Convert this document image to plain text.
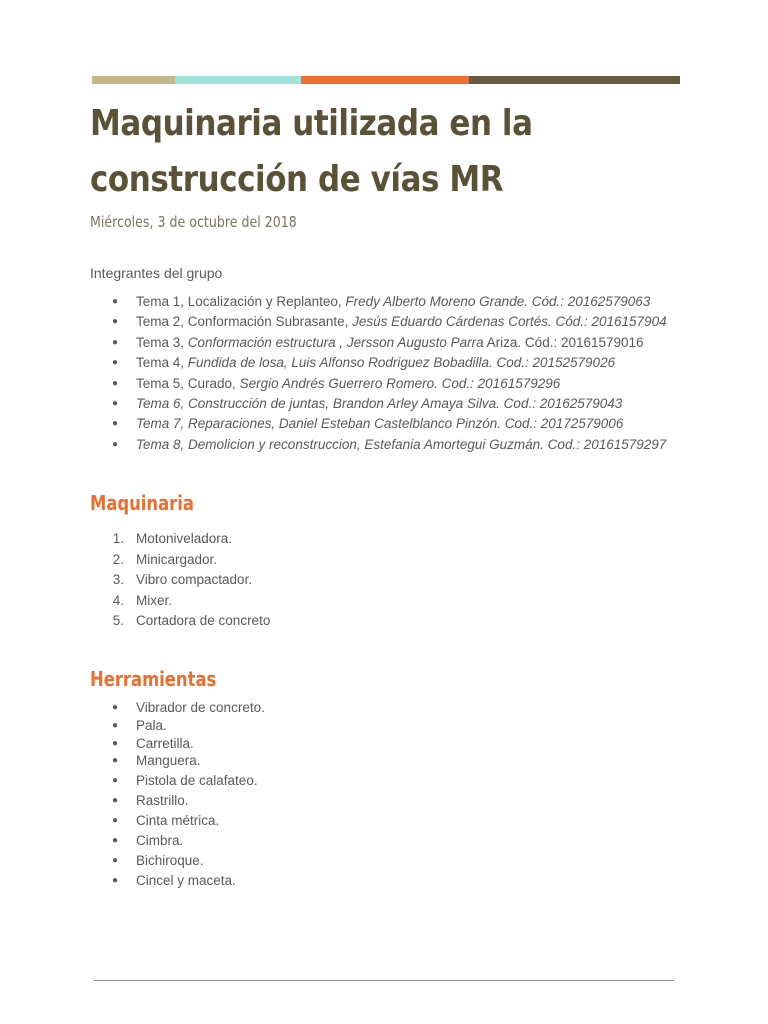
Maquinaria utilizada en la
construcción de vías MR
Miércoles, 3 de octubre del 2018
Integrantes del grupo
● Tema 1, Localización y Replanteo, Fredy Alberto Moreno Grande. Cód.: 20162579063
● Tema 2, Conformación Subrasante, Jesús Eduardo Cárdenas Cortés. Cód.: 2016157904
● Tema 3, Conformación estructura , Jersson Augusto Parra Ariza. Cód.: 20161579016
● Tema 4, Fundida de losa, Luis Alfonso Rodriguez Bobadilla. Cod.: 20152579026
● Tema 5, Curado, Sergio Andrés Guerrero Romero. Cod.: 20161579296
● Tema 6, Construcción de juntas, Brandon Arley Amaya Silva. Cod.: 20162579043
● Tema 7, Reparaciones, Daniel Esteban Castelblanco Pinzón. Cod.: 20172579006
● Tema 8, Demolicion y reconstruccion, Estefania Amortegui Guzmán. Cod.: 20161579297
Maquinaria
1. Motoniveladora.
2. Minicargador.
3. Vibro compactador.
4. Mixer.
5. Cortadora de concreto
Herramientas
● Vibrador de concreto.
● Pala.
● Carretilla.
● Manguera.
● Pistola de calafateo.
● Rastrillo.
● Cinta métrica.
● Cimbra.
● Bichiroque.
● Cincel y maceta.
